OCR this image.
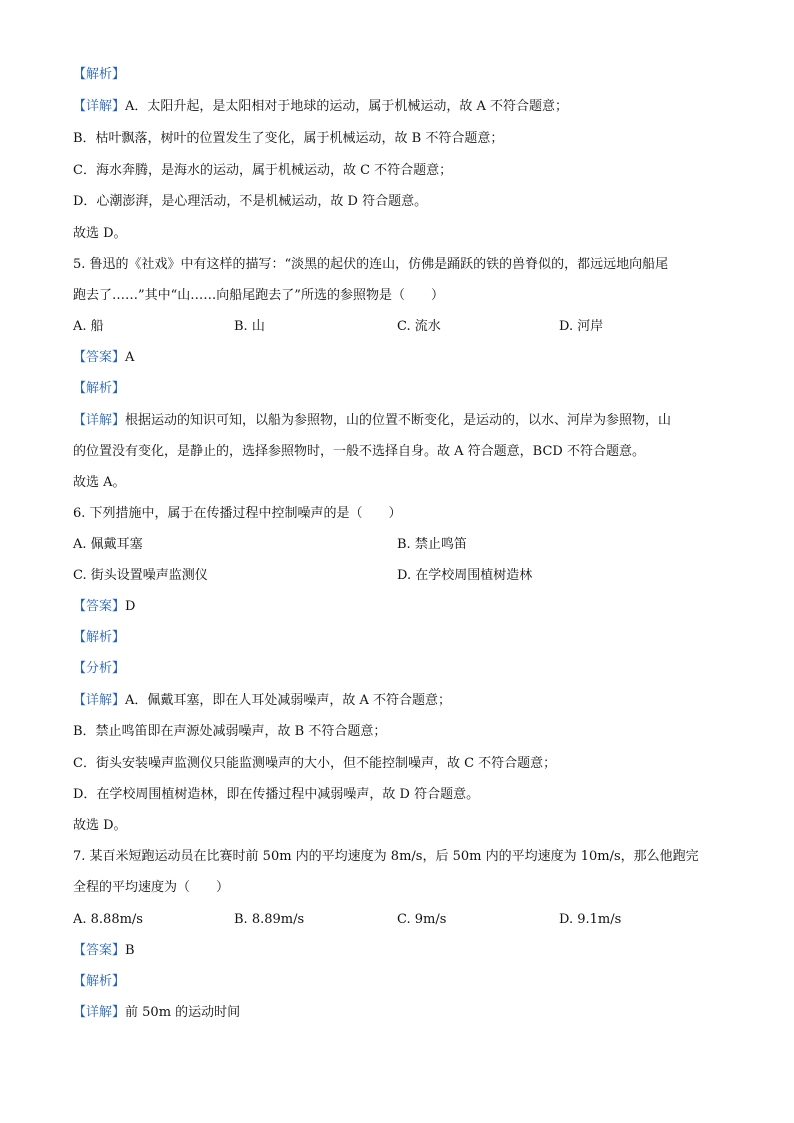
【解析】
【详解】A．太阳升起，是太阳相对于地球的运动，属于机械运动，故 A 不符合题意；
B．枯叶飘落，树叶的位置发生了变化，属于机械运动，故 B 不符合题意；
C．海水奔腾，是海水的运动，属于机械运动，故 C 不符合题意；
D．心潮澎湃，是心理活动，不是机械运动，故 D 符合题意。
故选 D。
5. 鲁迅的《社戏》中有这样的描写：“淡黑的起伏的连山，仿佛是踊跃的铁的兽脊似的，都远远地向船尾
跑去了……”其中“山……向船尾跑去了”所选的参照物是（　　）
A. 船	B. 山	C. 流水	D. 河岸
【答案】A
【解析】
【详解】根据运动的知识可知，以船为参照物，山的位置不断变化，是运动的，以水、河岸为参照物，山
的位置没有变化，是静止的，选择参照物时，一般不选择自身。故 A 符合题意，BCD 不符合题意。
故选 A。
6. 下列措施中，属于在传播过程中控制噪声的是（　　）
A. 佩戴耳塞	B. 禁止鸣笛
C. 街头设置噪声监测仪	D. 在学校周围植树造林
【答案】D
【解析】
【分析】
【详解】A．佩戴耳塞，即在人耳处减弱噪声，故 A 不符合题意；
B．禁止鸣笛即在声源处减弱噪声，故 B 不符合题意；
C．街头安装噪声监测仪只能监测噪声的大小，但不能控制噪声，故 C 不符合题意；
D．在学校周围植树造林，即在传播过程中减弱噪声，故 D 符合题意。
故选 D。
7. 某百米短跑运动员在比赛时前 50m 内的平均速度为 8m/s，后 50m 内的平均速度为 10m/s，那么他跑完
全程的平均速度为（　　）
A. 8.88m/s	B. 8.89m/s	C. 9m/s	D. 9.1m/s
【答案】B
【解析】
【详解】前 50m 的运动时间
